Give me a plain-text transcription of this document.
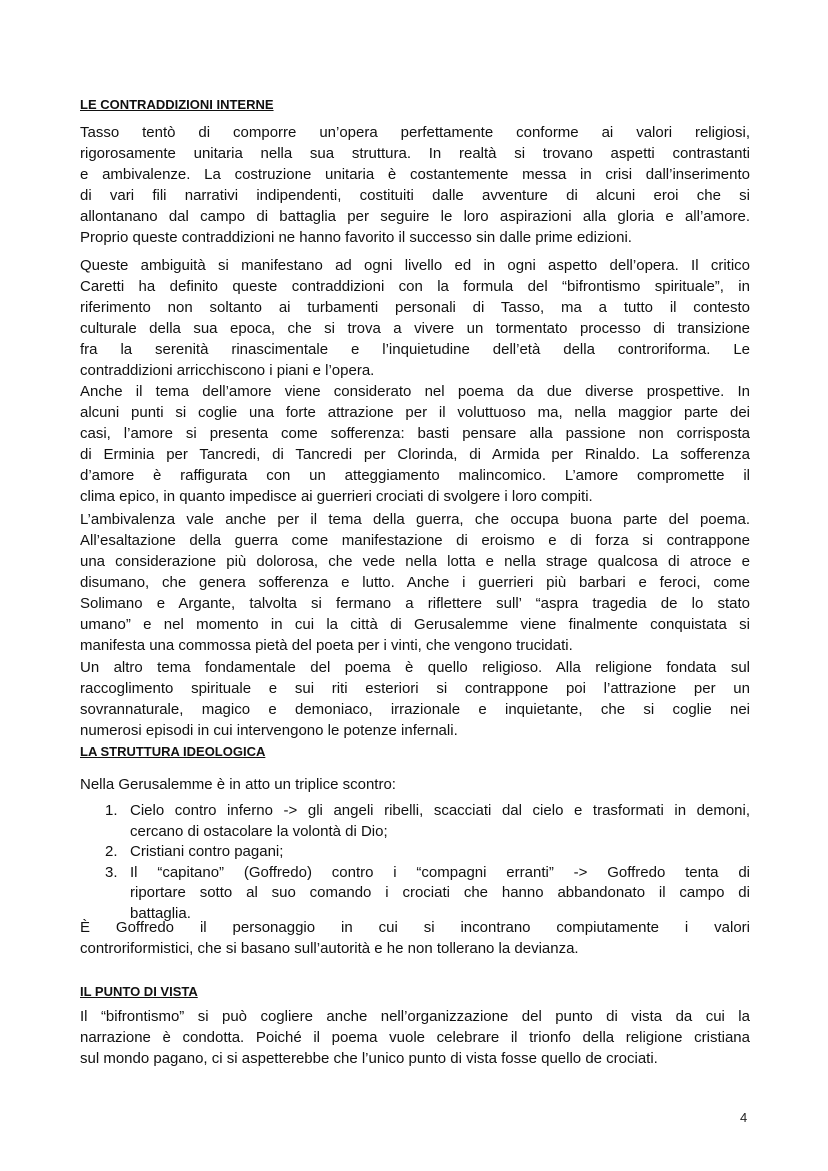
LE CONTRADDIZIONI INTERNE
Tasso tentò di comporre un’opera perfettamente conforme ai valori religiosi,
rigorosamente unitaria nella sua struttura. In realtà si trovano aspetti contrastanti
e ambivalenze. La costruzione unitaria è costantemente messa in crisi dall’inserimento
di vari fili narrativi indipendenti, costituiti dalle avventure di alcuni eroi che si
allontanano dal campo di battaglia per seguire le loro aspirazioni alla gloria e all’amore.
Proprio queste contraddizioni ne hanno favorito il successo sin dalle prime edizioni.
Queste ambiguità si manifestano ad ogni livello ed in ogni aspetto dell’opera. Il critico
Caretti ha definito queste contraddizioni con la formula del “bifrontismo spirituale”, in
riferimento non soltanto ai turbamenti personali di Tasso, ma a tutto il contesto
culturale della sua epoca, che si trova a vivere un tormentato processo di transizione
fra la serenità rinascimentale e l’inquietudine dell’età della controriforma. Le
contraddizioni arricchiscono i piani e l’opera.
Anche il tema dell’amore viene considerato nel poema da due diverse prospettive. In
alcuni punti si coglie una forte attrazione per il voluttuoso ma, nella maggior parte dei
casi, l’amore si presenta come sofferenza: basti pensare alla passione non corrisposta
di Erminia per Tancredi, di Tancredi per Clorinda, di Armida per Rinaldo. La sofferenza
d’amore è raffigurata con un atteggiamento malincomico. L’amore compromette il
clima epico, in quanto impedisce ai guerrieri crociati di svolgere i loro compiti.
L’ambivalenza vale anche per il tema della guerra, che occupa buona parte del poema.
All’esaltazione della guerra come manifestazione di eroismo e di forza si contrappone
una considerazione più dolorosa, che vede nella lotta e nella strage qualcosa di atroce e
disumano, che genera sofferenza e lutto. Anche i guerrieri più barbari e feroci, come
Solimano e Argante, talvolta si fermano a riflettere sull’ “aspra tragedia de lo stato
umano” e nel momento in cui la città di Gerusalemme viene finalmente conquistata si
manifesta una commossa pietà del poeta per i vinti, che vengono trucidati.
Un altro tema fondamentale del poema è quello religioso. Alla religione fondata sul
raccoglimento spirituale e sui riti esteriori si contrappone poi l’attrazione per un
sovrannaturale, magico e demoniaco, irrazionale e inquietante, che si coglie nei
numerosi episodi in cui intervengono le potenze infernali.
LA STRUTTURA IDEOLOGICA
Nella Gerusalemme è in atto un triplice scontro:
1. Cielo contro inferno -> gli angeli ribelli, scacciati dal cielo e trasformati in demoni,
cercano di ostacolare la volontà di Dio;
2. Cristiani contro pagani;
3. Il “capitano” (Goffredo) contro i “compagni erranti” -> Goffredo tenta di
riportare sotto al suo comando i crociati che hanno abbandonato il campo di
battaglia.
È Goffredo il personaggio in cui si incontrano compiutamente i valori
controriformistici, che si basano sull’autorità e he non tollerano la devianza.
IL PUNTO DI VISTA
Il “bifrontismo” si può cogliere anche nell’organizzazione del punto di vista da cui la
narrazione è condotta. Poiché il poema vuole celebrare il trionfo della religione cristiana
sul mondo pagano, ci si aspetterebbe che l’unico punto di vista fosse quello de crociati.
4
